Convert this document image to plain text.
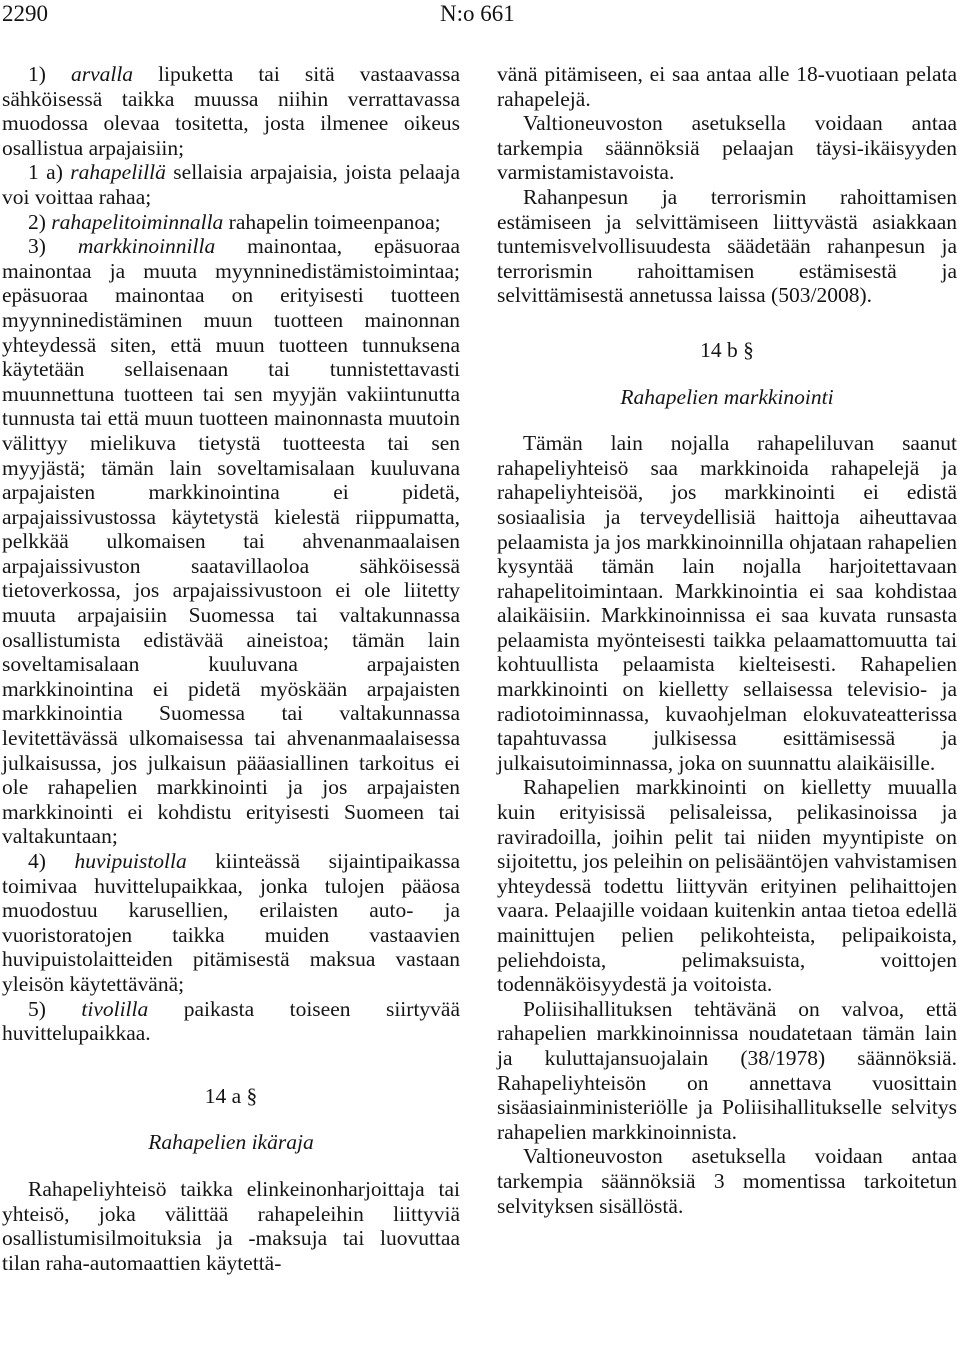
2290	N:o 661

1) arvalla lipuketta tai sitä vastaavassa sähköisessä taikka muussa niihin verrattavassa muodossa olevaa tositetta, josta ilmenee oikeus osallistua arpajaisiin;

1 a) rahapelillä sellaisia arpajaisia, joista pelaaja voi voittaa rahaa;

2) rahapelitoiminnalla rahapelin toimeenpanoa;

3) markkinoinnilla mainontaa, epäsuoraa mainontaa ja muuta myynninedistämistoimintaa; epäsuoraa mainontaa on erityisesti tuotteen myynninedistäminen muun tuotteen mainonnan yhteydessä siten, että muun tuotteen tunnuksena käytetään sellaisenaan tai tunnistettavasti muunnettuna tuotteen tai sen myyjän vakiintunutta tunnusta tai että muun tuotteen mainonnasta muutoin välittyy mielikuva tietystä tuotteesta tai sen myyjästä; tämän lain soveltamisalaan kuuluvana arpajaisten markkinointina ei pidetä, arpajaissivustossa käytetystä kielestä riippumatta, pelkkää ulkomaisen tai ahvenanmaalaisen arpajaissivuston saatavillaoloa sähköisessä tietoverkossa, jos arpajaissivustoon ei ole liitetty muuta arpajaisiin Suomessa tai valtakunnassa osallistumista edistävää aineistoa; tämän lain soveltamisalaan kuuluvana arpajaisten markkinointina ei pidetä myöskään arpajaisten markkinointia Suomessa tai valtakunnassa levitettävässä ulkomaisessa tai ahvenanmaalaisessa julkaisussa, jos julkaisun pääasiallinen tarkoitus ei ole rahapelien markkinointi ja jos arpajaisten markkinointi ei kohdistu erityisesti Suomeen tai valtakuntaan;

4) huvipuistolla kiinteässä sijaintipaikassa toimivaa huvittelupaikkaa, jonka tulojen pääosa muodostuu karusellien, erilaisten auto- ja vuoristoratojen taikka muiden vastaavien huvipuistolaitteiden pitämisestä maksua vastaan yleisön käytettävänä;

5) tivolilla paikasta toiseen siirtyvää huvittelupaikkaa.

14 a §

Rahapelien ikäraja

Rahapeliyhteisö taikka elinkeinonharjoittaja tai yhteisö, joka välittää rahapeleihin liittyviä osallistumisilmoituksia ja -maksuja tai luovuttaa tilan raha-automaattien käytettä-

vänä pitämiseen, ei saa antaa alle 18-vuotiaan pelata rahapelejä.

Valtioneuvoston asetuksella voidaan antaa tarkempia säännöksiä pelaajan täysi-ikäisyyden varmistamistavoista.

Rahanpesun ja terrorismin rahoittamisen estämiseen ja selvittämiseen liittyvästä asiakkaan tuntemisvelvollisuudesta säädetään rahanpesun ja terrorismin rahoittamisen estämisestä ja selvittämisestä annetussa laissa (503/2008).

14 b §

Rahapelien markkinointi

Tämän lain nojalla rahapeliluvan saanut rahapeliyhteisö saa markkinoida rahapelejä ja rahapeliyhteisöä, jos markkinointi ei edistä sosiaalisia ja terveydellisiä haittoja aiheuttavaa pelaamista ja jos markkinoinnilla ohjataan rahapelien kysyntää tämän lain nojalla harjoitettavaan rahapelitoimintaan. Markkinointia ei saa kohdistaa alaikäisiin. Markkinoinnissa ei saa kuvata runsasta pelaamista myönteisesti taikka pelaamattomuutta tai kohtuullista pelaamista kielteisesti. Rahapelien markkinointi on kielletty sellaisessa televisio- ja radiotoiminnassa, kuvaohjelman elokuvateatterissa tapahtuvassa julkisessa esittämisessä ja julkaisutoiminnassa, joka on suunnattu alaikäisille.

Rahapelien markkinointi on kielletty muualla kuin erityisissä pelisaleissa, pelikasinoissa ja raviradoilla, joihin pelit tai niiden myyntipiste on sijoitettu, jos peleihin on pelisääntöjen vahvistamisen yhteydessä todettu liittyvän erityinen pelihaittojen vaara. Pelaajille voidaan kuitenkin antaa tietoa edellä mainittujen pelien pelikohteista, pelipaikoista, peliehdoista, pelimaksuista, voittojen todennäköisyydestä ja voitoista.

Poliisihallituksen tehtävänä on valvoa, että rahapelien markkinoinnissa noudatetaan tämän lain ja kuluttajansuojalain (38/1978) säännöksiä. Rahapeliyhteisön on annettava vuosittain sisäasiainministeriölle ja Poliisihallitukselle selvitys rahapelien markkinoinnista.

Valtioneuvoston asetuksella voidaan antaa tarkempia säännöksiä 3 momentissa tarkoitetun selvityksen sisällöstä.
